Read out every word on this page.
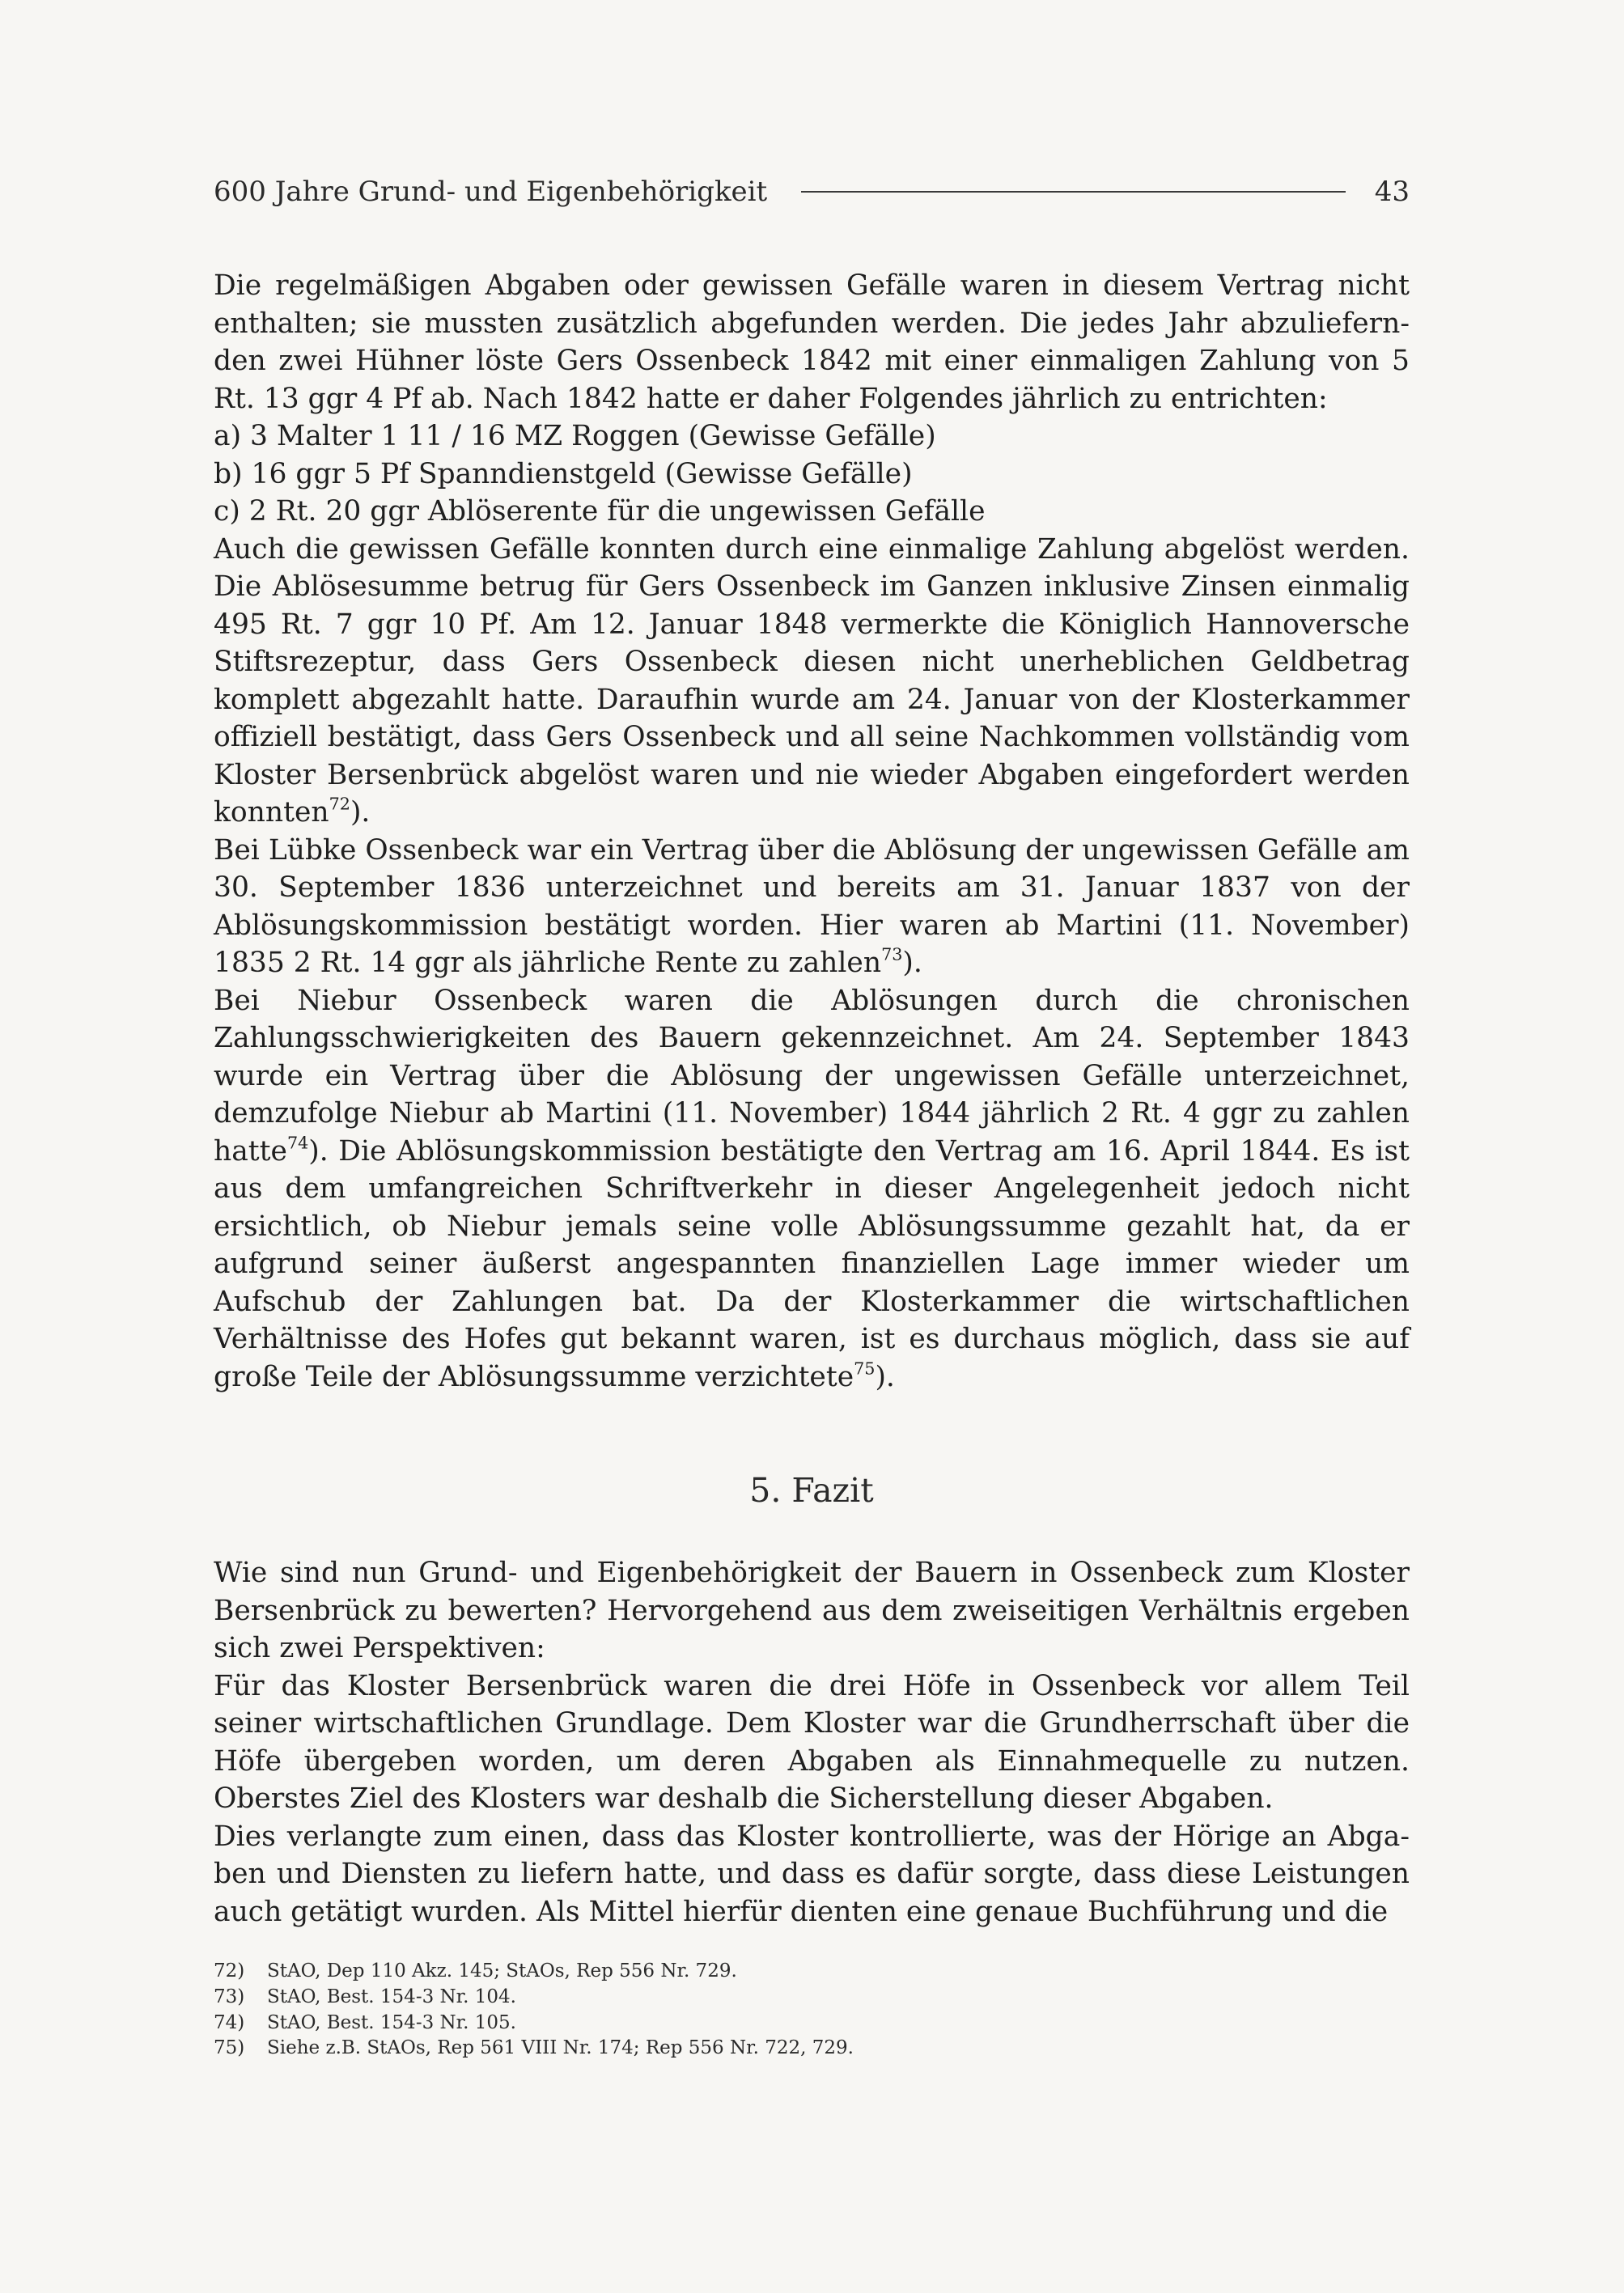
600 Jahre Grund- und Eigenbehörigkeit	43

Die regelmäßigen Abgaben oder gewissen Gefälle waren in diesem Vertrag nicht enthalten; sie mussten zusätzlich abgefunden werden. Die jedes Jahr abzuliefernden zwei Hühner löste Gers Ossenbeck 1842 mit einer einmaligen Zahlung von 5 Rt. 13 ggr 4 Pf ab. Nach 1842 hatte er daher Folgendes jährlich zu entrichten:

a) 3 Malter 1 11 / 16 MZ Roggen (Gewisse Gefälle)

b) 16 ggr 5 Pf Spanndienstgeld (Gewisse Gefälle)

c) 2 Rt. 20 ggr Ablöserente für die ungewissen Gefälle

Auch die gewissen Gefälle konnten durch eine einmalige Zahlung abgelöst werden. Die Ablösesumme betrug für Gers Ossenbeck im Ganzen inklusive Zinsen einmalig 495 Rt. 7 ggr 10 Pf. Am 12. Januar 1848 vermerkte die Königlich Hannoversche Stiftsrezeptur, dass Gers Ossenbeck diesen nicht unerheblichen Geldbetrag komplett abgezahlt hatte. Daraufhin wurde am 24. Januar von der Klosterkammer offiziell bestätigt, dass Gers Ossenbeck und all seine Nachkommen vollständig vom Kloster Bersenbrück abgelöst waren und nie wieder Abgaben eingefordert werden konnten$^{72}$).

Bei Lübke Ossenbeck war ein Vertrag über die Ablösung der ungewissen Gefälle am 30. September 1836 unterzeichnet und bereits am 31. Januar 1837 von der Ablösungskommission bestätigt worden. Hier waren ab Martini (11. November) 1835 2 Rt. 14 ggr als jährliche Rente zu zahlen$^{73}$).

Bei Niebur Ossenbeck waren die Ablösungen durch die chronischen Zahlungsschwierigkeiten des Bauern gekennzeichnet. Am 24. September 1843 wurde ein Vertrag über die Ablösung der ungewissen Gefälle unterzeichnet, demzufolge Niebur ab Martini (11. November) 1844 jährlich 2 Rt. 4 ggr zu zahlen hatte$^{74}$). Die Ablösungskommission bestätigte den Vertrag am 16. April 1844. Es ist aus dem umfangreichen Schriftverkehr in dieser Angelegenheit jedoch nicht ersichtlich, ob Niebur jemals seine volle Ablösungssumme gezahlt hat, da er aufgrund seiner äußerst angespannten finanziellen Lage immer wieder um Aufschub der Zahlungen bat. Da der Klosterkammer die wirtschaftlichen Verhältnisse des Hofes gut bekannt waren, ist es durchaus möglich, dass sie auf große Teile der Ablösungssumme verzichtete$^{75}$).

5. Fazit

Wie sind nun Grund- und Eigenbehörigkeit der Bauern in Ossenbeck zum Kloster Bersenbrück zu bewerten? Hervorgehend aus dem zweiseitigen Verhältnis ergeben sich zwei Perspektiven:

Für das Kloster Bersenbrück waren die drei Höfe in Ossenbeck vor allem Teil seiner wirtschaftlichen Grundlage. Dem Kloster war die Grundherrschaft über die Höfe übergeben worden, um deren Abgaben als Einnahmequelle zu nutzen. Oberstes Ziel des Klosters war deshalb die Sicherstellung dieser Abgaben.

Dies verlangte zum einen, dass das Kloster kontrollierte, was der Hörige an Abgaben und Diensten zu liefern hatte, und dass es dafür sorgte, dass diese Leistungen auch getätigt wurden. Als Mittel hierfür dienten eine genaue Buchführung und die

72)	StAO, Dep 110 Akz. 145; StAOs, Rep 556 Nr. 729.
73)	StAO, Best. 154-3 Nr. 104.
74)	StAO, Best. 154-3 Nr. 105.
75)	Siehe z.B. StAOs, Rep 561 VIII Nr. 174; Rep 556 Nr. 722, 729.
